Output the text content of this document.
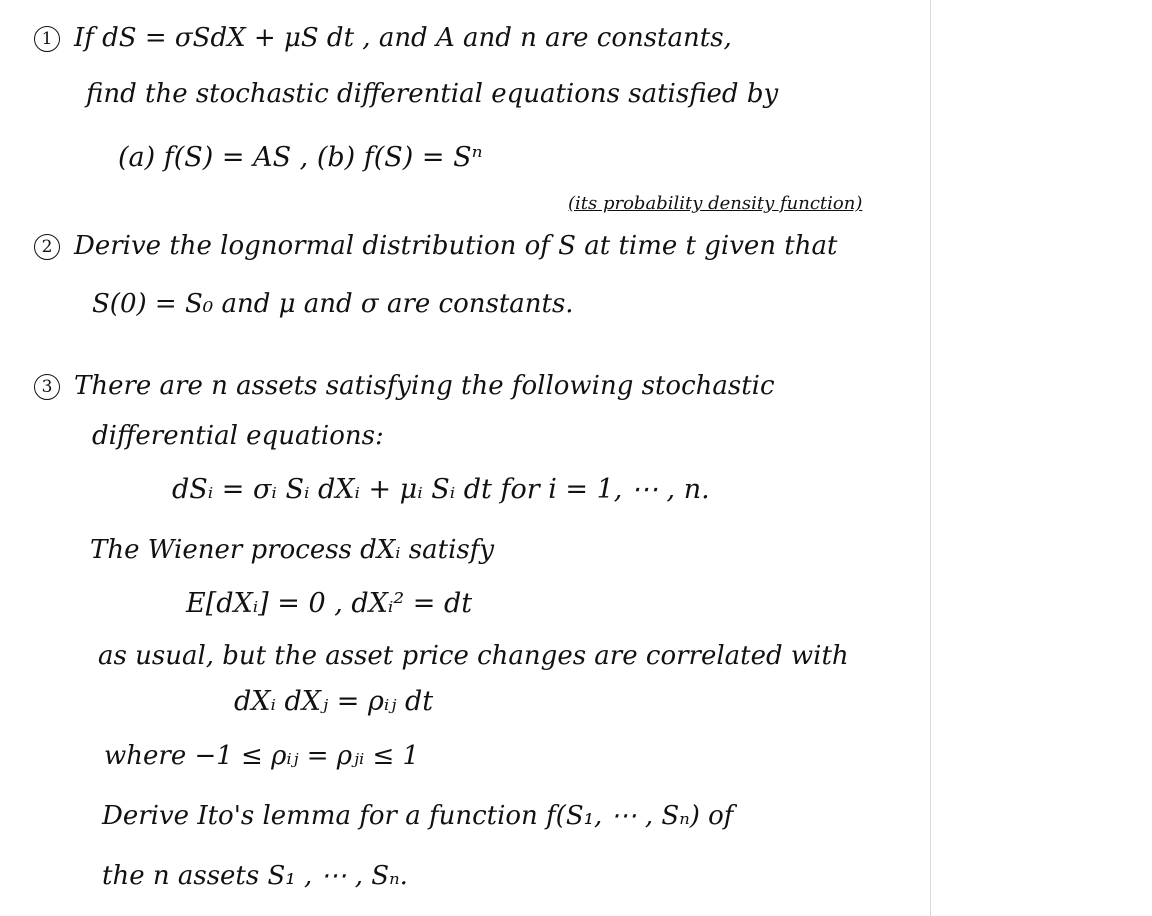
1 If dS = σSdX + μS dt , and A and n are constants,
find the stochastic differential equations satisfied by
(a) f(S) = AS , (b) f(S) = Sⁿ
(its probability density function)
2 Derive the lognormal distribution of S at time t given that
S(0) = S₀ and μ and σ are constants.
3 There are n assets satisfying the following stochastic
differential equations:
dSᵢ = σᵢ Sᵢ dXᵢ + μᵢ Sᵢ dt for i = 1, ⋯ , n.
The Wiener process dXᵢ satisfy
E[dXᵢ] = 0 , dXᵢ² = dt
as usual, but the asset price changes are correlated with
dXᵢ dXⱼ = ρᵢⱼ dt
where −1 ≤ ρᵢⱼ = ρⱼᵢ ≤ 1
Derive Ito's lemma for a function f(S₁, ⋯ , Sₙ) of
the n assets S₁ , ⋯ , Sₙ.
